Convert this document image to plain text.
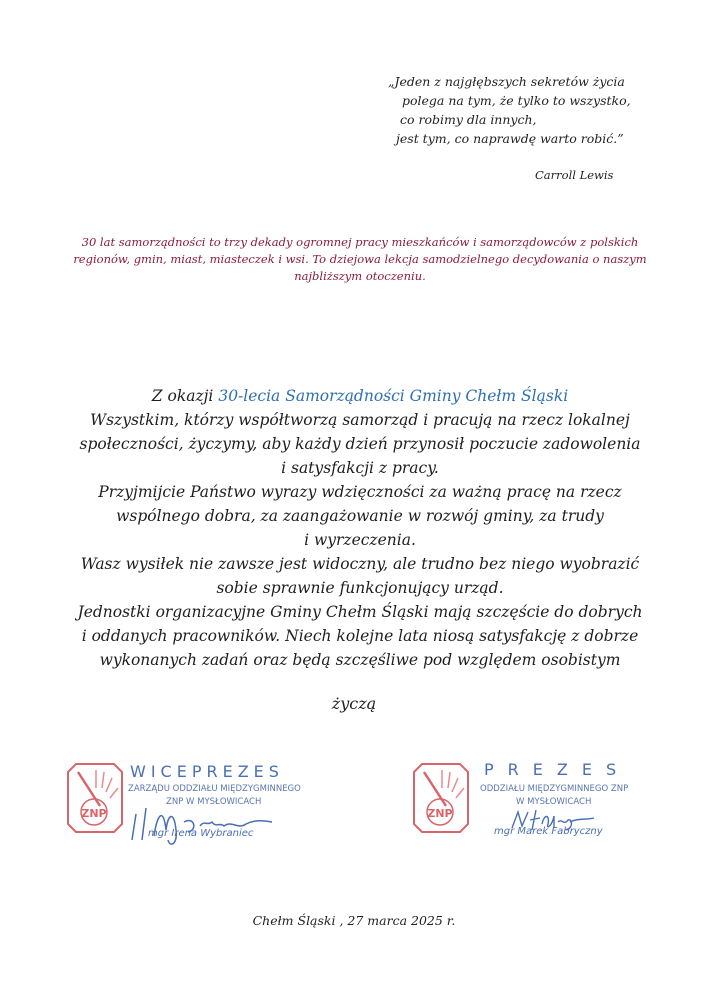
„Jeden z najgłębszych sekretów życia
polega na tym, że tylko to wszystko,
co robimy dla innych,
jest tym, co naprawdę warto robić.”
Carroll Lewis
30 lat samorządności to trzy dekady ogromnej pracy mieszkańców i samorządowców z polskich regionów, gmin, miast, miasteczek i wsi. To dziejowa lekcja samodzielnego decydowania o naszym najbliższym otoczeniu.
Z okazji 30-lecia Samorządności Gminy Chełm Śląski
Wszystkim, którzy współtworzą samorząd i pracują na rzecz lokalnej
społeczności, życzymy, aby każdy dzień przynosił poczucie zadowolenia
i satysfakcji z pracy.
Przyjmijcie Państwo wyrazy wdzięczności za ważną pracę na rzecz
wspólnego dobra, za zaangażowanie w rozwój gminy, za trudy
i wyrzeczenia.
Wasz wysiłek nie zawsze jest widoczny, ale trudno bez niego wyobrazić
sobie sprawnie funkcjonujący urząd.
Jednostki organizacyjne Gminy Chełm Śląski mają szczęście do dobrych
i oddanych pracowników. Niech kolejne lata niosą satysfakcję z dobrze
wykonanych zadań oraz będą szczęśliwe pod względem osobistym
życzą
ZNP
WICEPREZES
ZARZĄDU ODDZIAŁU MIĘDZYGMINNEGO
ZNP W MYSŁOWICACH
mgr Irena Wybraniec
ZNP
PREZES
ODDZIAŁU MIĘDZYGMINNEGO ZNP
W MYSŁOWICACH
mgr Marek Fabryczny
Chełm Śląski , 27 marca 2025 r.
